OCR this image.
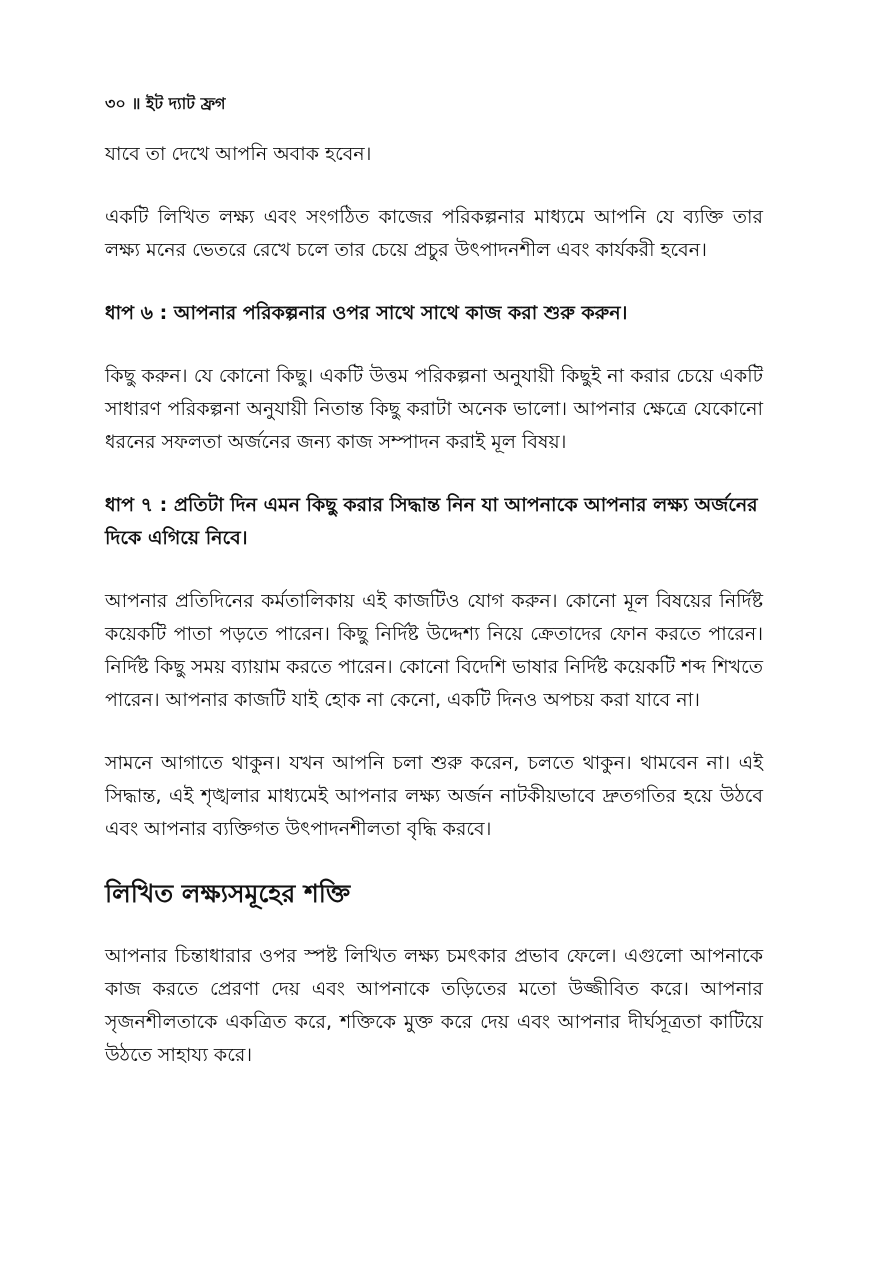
৩০ ॥ ইট দ্যাট ফ্রগ

যাবে তা দেখে আপনি অবাক হবেন।

একটি লিখিত লক্ষ্য এবং সংগঠিত কাজের পরিকল্পনার মাধ্যমে আপনি যে ব্যক্তি তার লক্ষ্য মনের ভেতরে রেখে চলে তার চেয়ে প্রচুর উৎপাদনশীল এবং কার্যকরী হবেন।

ধাপ ৬ : আপনার পরিকল্পনার ওপর সাথে সাথে কাজ করা শুরু করুন।

কিছু করুন। যে কোনো কিছু। একটি উত্তম পরিকল্পনা অনুযায়ী কিছুই না করার চেয়ে একটি সাধারণ পরিকল্পনা অনুযায়ী নিতান্ত কিছু করাটা অনেক ভালো। আপনার ক্ষেত্রে যেকোনো ধরনের সফলতা অর্জনের জন্য কাজ সম্পাদন করাই মূল বিষয়।

ধাপ ৭ : প্রতিটা দিন এমন কিছু করার সিদ্ধান্ত নিন যা আপনাকে আপনার লক্ষ্য অর্জনের দিকে এগিয়ে নিবে।

আপনার প্রতিদিনের কর্মতালিকায় এই কাজটিও যোগ করুন। কোনো মূল বিষয়ের নির্দিষ্ট কয়েকটি পাতা পড়তে পারেন। কিছু নির্দিষ্ট উদ্দেশ্য নিয়ে ক্রেতাদের ফোন করতে পারেন। নির্দিষ্ট কিছু সময় ব্যায়াম করতে পারেন। কোনো বিদেশি ভাষার নির্দিষ্ট কয়েকটি শব্দ শিখতে পারেন। আপনার কাজটি যাই হোক না কেনো, একটি দিনও অপচয় করা যাবে না।

সামনে আগাতে থাকুন। যখন আপনি চলা শুরু করেন, চলতে থাকুন। থামবেন না। এই সিদ্ধান্ত, এই শৃঙ্খলার মাধ্যমেই আপনার লক্ষ্য অর্জন নাটকীয়ভাবে দ্রুতগতির হয়ে উঠবে এবং আপনার ব্যক্তিগত উৎপাদনশীলতা বৃদ্ধি করবে।

লিখিত লক্ষ্যসমূহের শক্তি

আপনার চিন্তাধারার ওপর স্পষ্ট লিখিত লক্ষ্য চমৎকার প্রভাব ফেলে। এগুলো আপনাকে কাজ করতে প্রেরণা দেয় এবং আপনাকে তড়িতের মতো উজ্জীবিত করে। আপনার সৃজনশীলতাকে একত্রিত করে, শক্তিকে মুক্ত করে দেয় এবং আপনার দীর্ঘসূত্রতা কাটিয়ে উঠতে সাহায্য করে।
